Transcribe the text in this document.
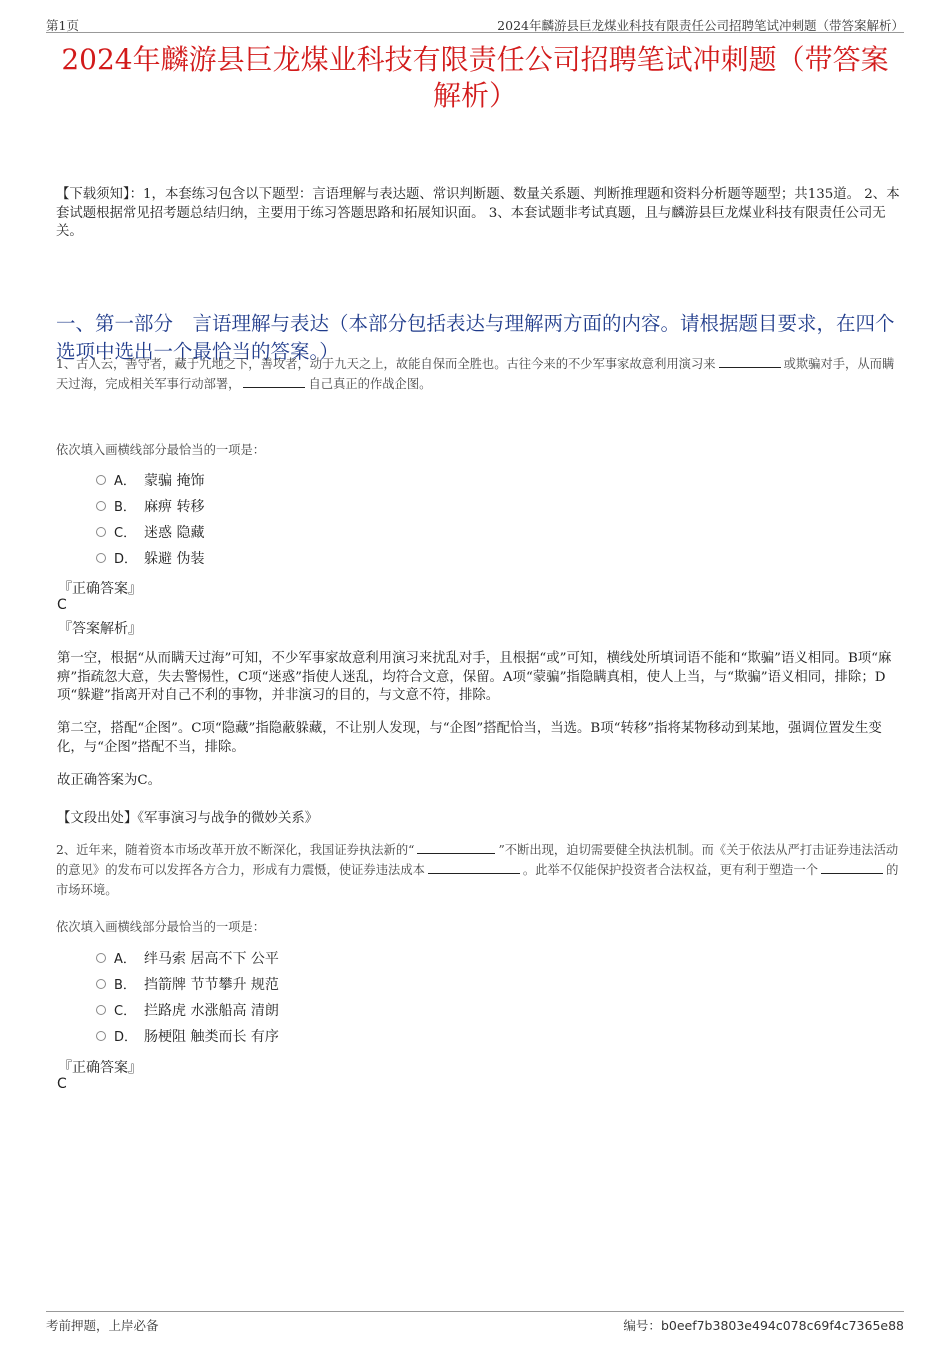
第1页	2024年麟游县巨龙煤业科技有限责任公司招聘笔试冲刺题（带答案解析）
2024年麟游县巨龙煤业科技有限责任公司招聘笔试冲刺题（带答案解析）
【下载须知】：1，本套练习包含以下题型：言语理解与表达题、常识判断题、数量关系题、判断推理题和资料分析题等题型；共135道。 2、本套试题根据常见招考题总结归纳，主要用于练习答题思路和拓展知识面。 3、本套试题非考试真题，且与麟游县巨龙煤业科技有限责任公司无关。
一、第一部分　言语理解与表达（本部分包括表达与理解两方面的内容。请根据题目要求，在四个选项中选出一个最恰当的答案。）
1、古人云，善守者，藏于九地之下，善攻者，动于九天之上，故能自保而全胜也。古往今来的不少军事家故意利用演习来	或欺骗对手，从而瞒天过海，完成相关军事行动部署，	自己真正的作战企图。
依次填入画横线部分最恰当的一项是：
A． 蒙骗 掩饰
B． 麻痹 转移
C． 迷惑 隐藏
D． 躲避 伪装
『正确答案』
C
『答案解析』

第一空，根据“从而瞒天过海”可知，不少军事家故意利用演习来扰乱对手，且根据“或”可知，横线处所填词语不能和“欺骗”语义相同。B项“麻痹”指疏忽大意，失去警惕性，C项“迷惑”指使人迷乱，均符合文意，保留。A项“蒙骗”指隐瞒真相，使人上当，与“欺骗”语义相同，排除；D项“躲避”指离开对自己不利的事物，并非演习的目的，与文意不符，排除。

第二空，搭配“企图”。C项“隐藏”指隐蔽躲藏，不让别人发现，与“企图”搭配恰当，当选。B项“转移”指将某物移动到某地，强调位置发生变化，与“企图”搭配不当，排除。

故正确答案为C。

【文段出处】《军事演习与战争的微妙关系》
2、近年来，随着资本市场改革开放不断深化，我国证券执法新的“	”不断出现，迫切需要健全执法机制。而《关于依法从严打击证券违法活动的意见》的发布可以发挥各方合力，形成有力震慑，使证券违法成本	。此举不仅能保护投资者合法权益，更有利于塑造一个	的市场环境。
依次填入画横线部分最恰当的一项是：
A． 绊马索 居高不下 公平
B． 挡箭牌 节节攀升 规范
C． 拦路虎 水涨船高 清朗
D． 肠梗阻 触类而长 有序
『正确答案』
C
考前押题，上岸必备	编号：b0eef7b3803e494c078c69f4c7365e88
